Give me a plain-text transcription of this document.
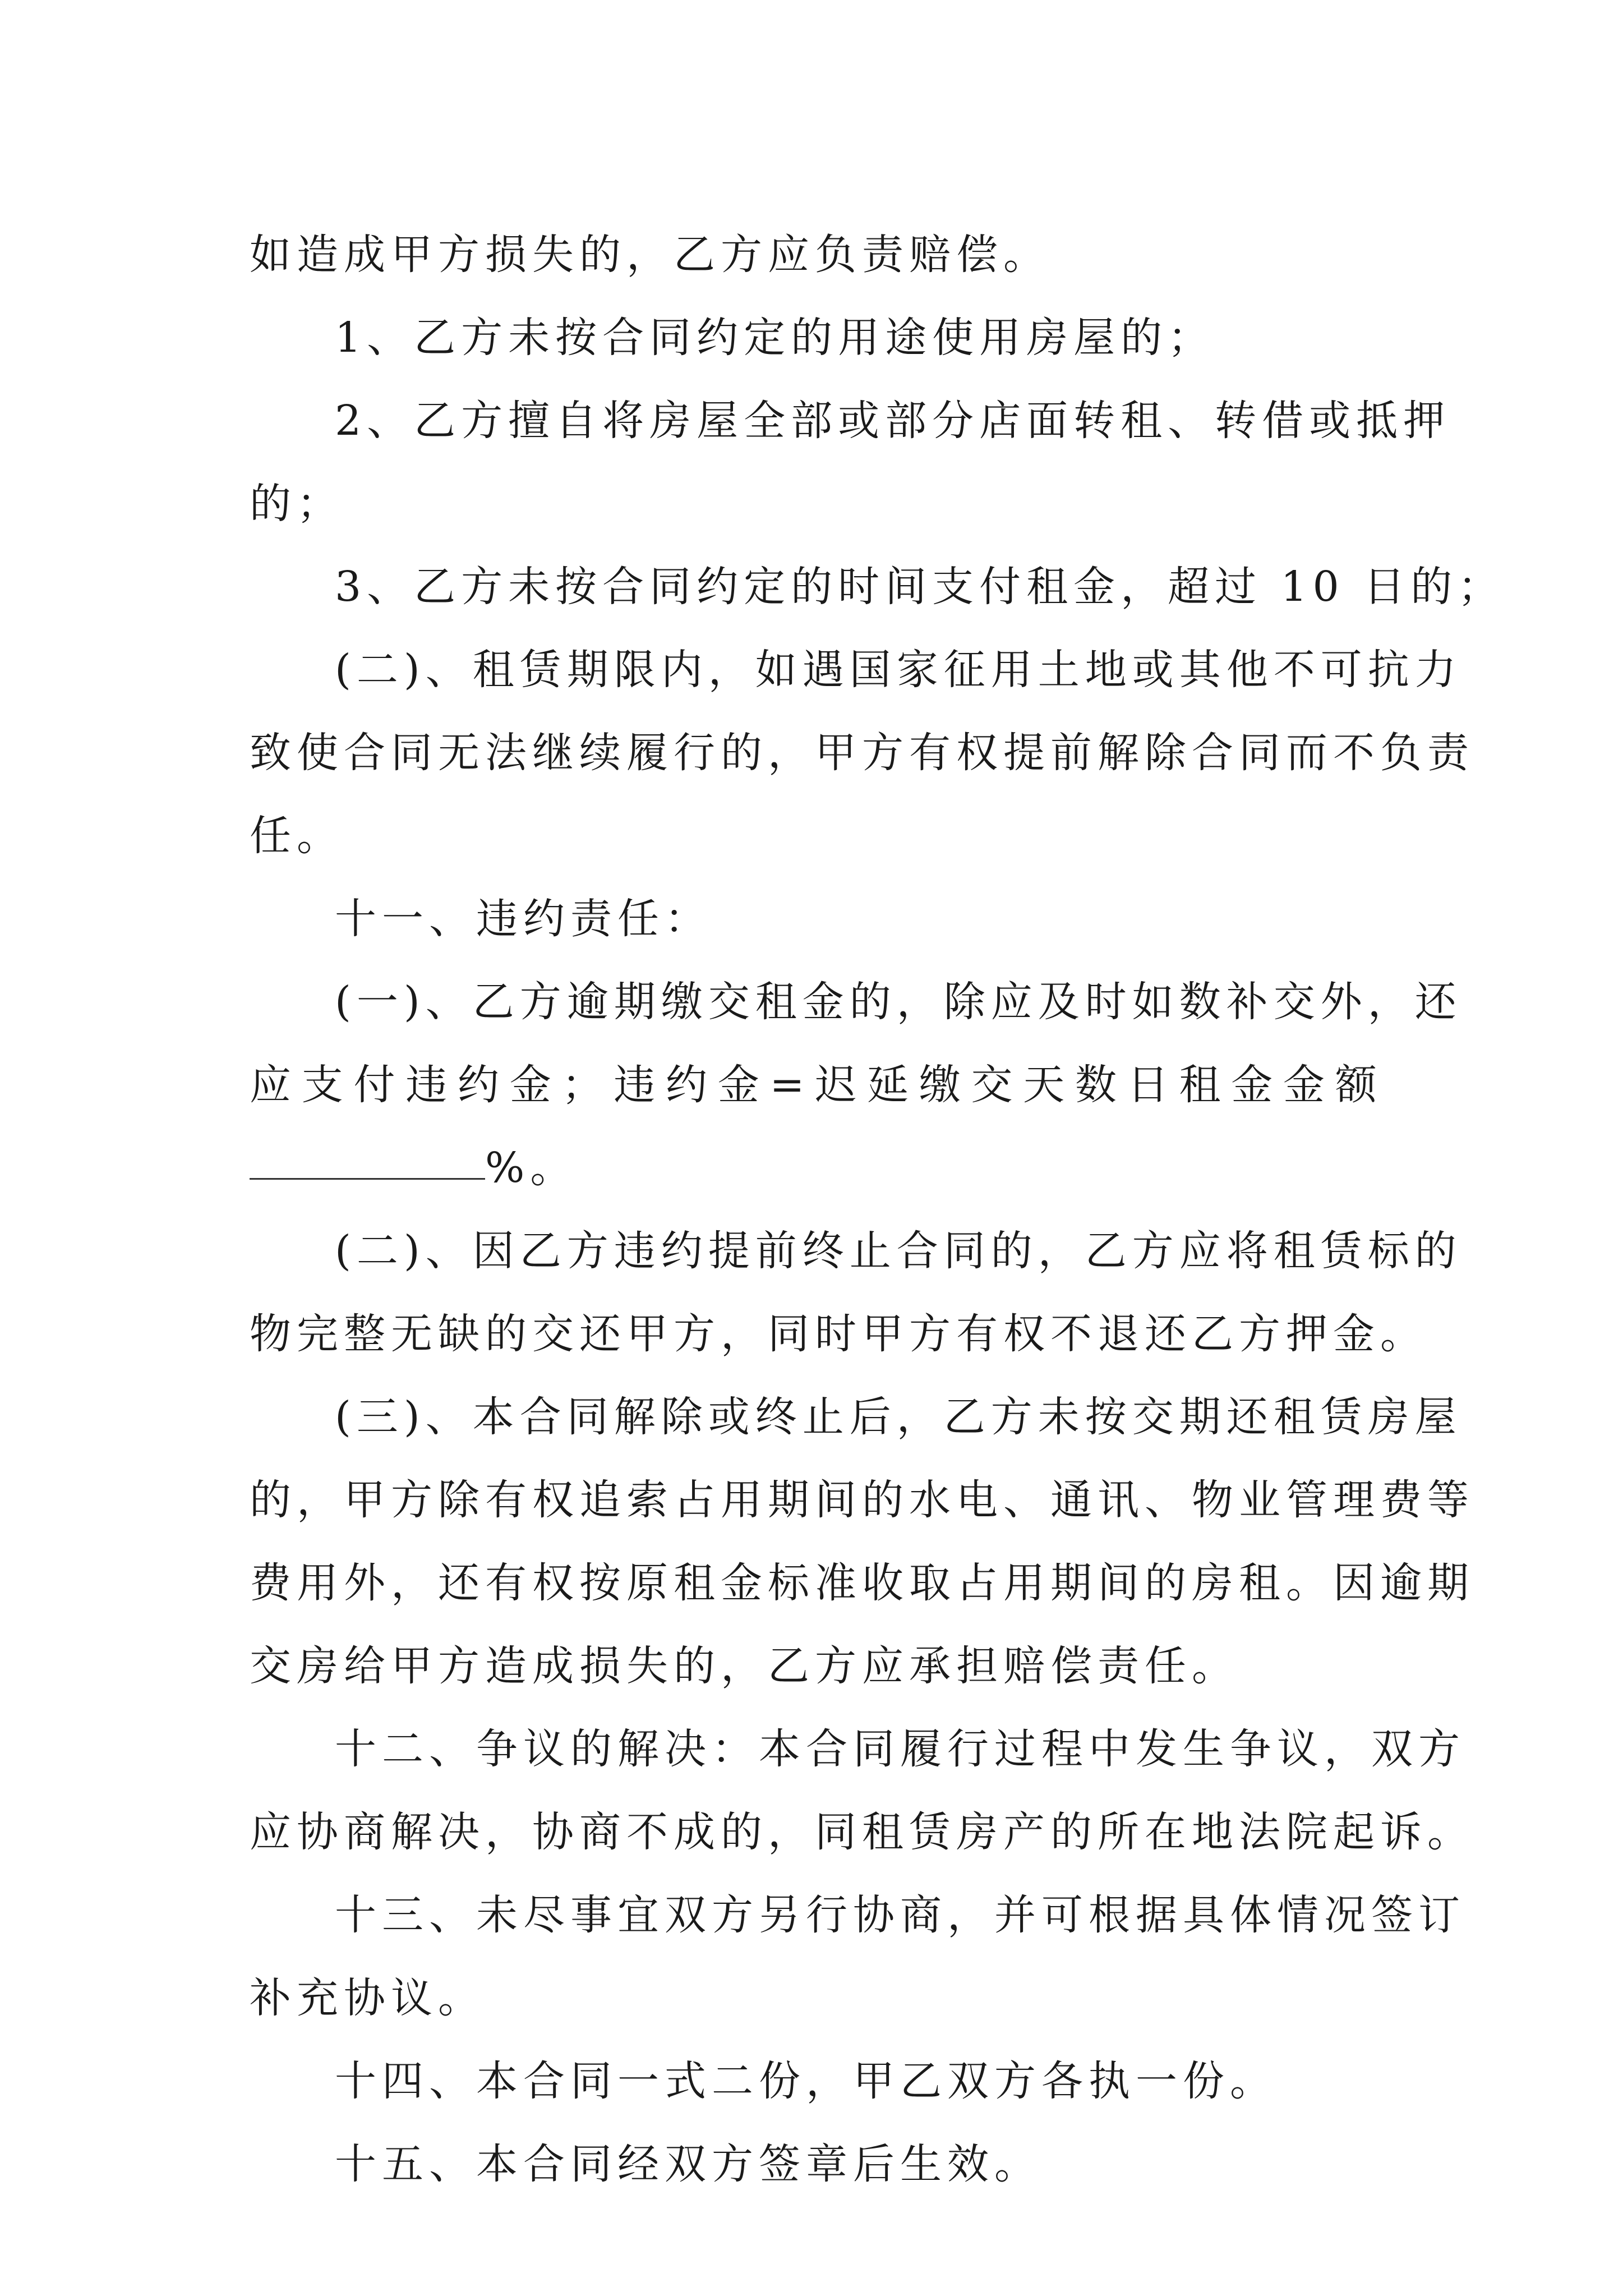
如造成甲方损失的，乙方应负责赔偿。
1、乙方未按合同约定的用途使用房屋的；
2、乙方擅自将房屋全部或部分店面转租、转借或抵押
的；
3、乙方未按合同约定的时间支付租金，超过 10 日的；
(二)、租赁期限内，如遇国家征用土地或其他不可抗力
致使合同无法继续履行的，甲方有权提前解除合同而不负责
任。
十一、违约责任：
(一)、乙方逾期缴交租金的，除应及时如数补交外，还
应 支 付 违 约 金 ； 违 约 金 = 迟 延 缴 交 天 数 日 租 金 金 额
%。
(二)、因乙方违约提前终止合同的，乙方应将租赁标的
物完整无缺的交还甲方，同时甲方有权不退还乙方押金。
(三)、本合同解除或终止后，乙方未按交期还租赁房屋
的，甲方除有权追索占用期间的水电、通讯、物业管理费等
费用外，还有权按原租金标准收取占用期间的房租。因逾期
交房给甲方造成损失的，乙方应承担赔偿责任。
十二、争议的解决：本合同履行过程中发生争议，双方
应协商解决，协商不成的，同租赁房产的所在地法院起诉。
十三、未尽事宜双方另行协商，并可根据具体情况签订
补充协议。
十四、本合同一式二份，甲乙双方各执一份。
十五、本合同经双方签章后生效。
